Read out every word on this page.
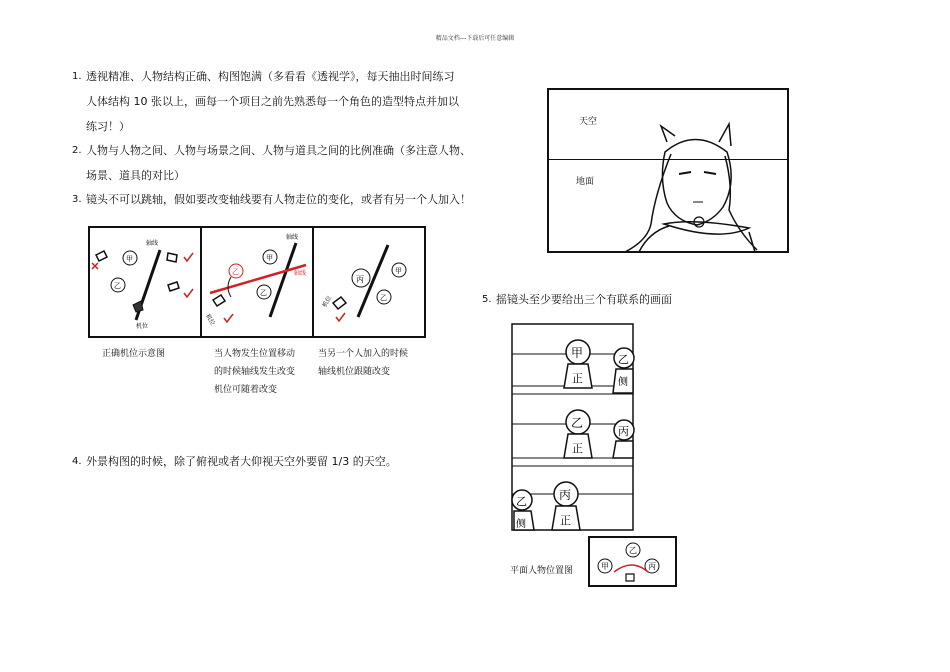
精品文档---下载后可任意编辑
1. 透视精准、人物结构正确、构图饱满（多看看《透视学》，每天抽出时间练习
人体结构 10 张以上，画每一个项目之前先熟悉每一个角色的造型特点并加以
练习！）
2. 人物与人物之间、人物与场景之间、人物与道具之间的比例准确（多注意人物、
场景、道具的对比）
3. 镜头不可以跳轴，假如要改变轴线要有人物走位的变化，或者有另一个人加入！
轴线
甲
乙
机位
轴线
轴线
甲
乙
乙
机位
丙
甲
乙
机位
正确机位示意图	当人物发生位置移动
的时候轴线发生改变
机位可随着改变
当另一个人加入的时候
轴线机位跟随改变
4. 外景构图的时候，除了俯视或者大仰视天空外要留 1/3 的天空。
天空
地面
5. 摇镜头至少要给出三个有联系的画面
甲
正
乙
侧
乙
正
丙
丙
正
乙
侧
平面人物位置图
乙
甲	丙
